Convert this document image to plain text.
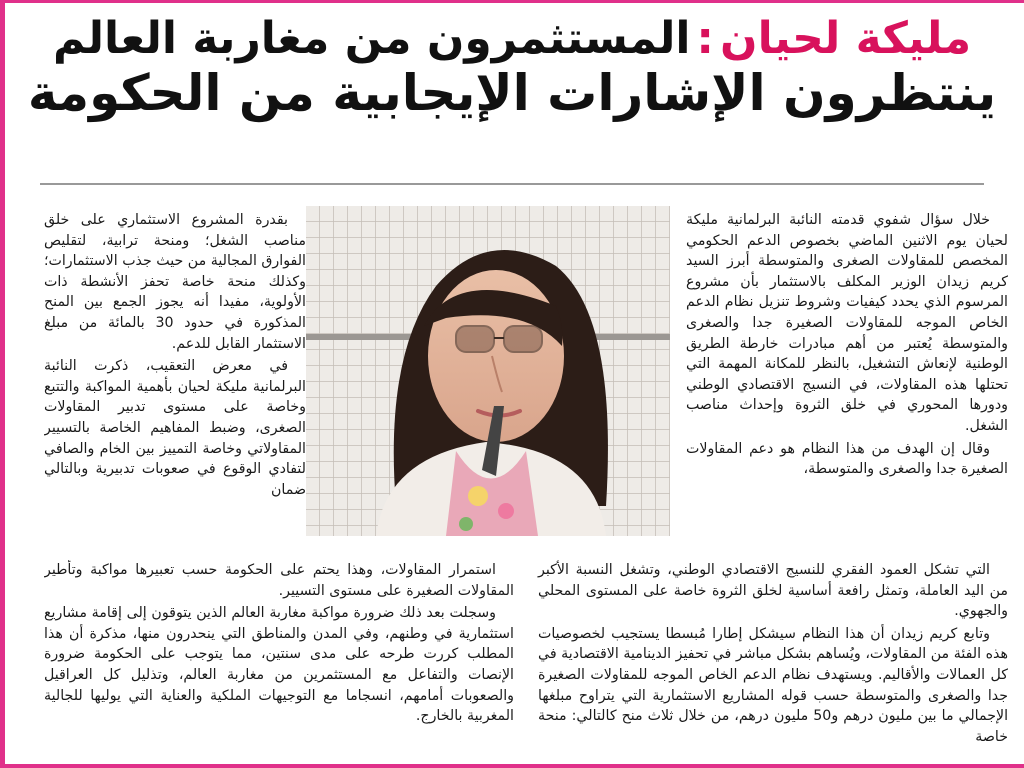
مليكة لحيان:المستثمرون من مغاربة العالم
ينتظرون الإشارات الإيجابية من الحكومة

خلال سؤال شفوي قدمته النائبة البرلمانية مليكة لحيان يوم الاثنين الماضي بخصوص الدعم الحكومي المخصص للمقاولات الصغرى والمتوسطة أبرز السيد كريم زيدان الوزير المكلف بالاستثمار بأن مشروع المرسوم الذي يحدد كيفيات وشروط تنزيل نظام الدعم الخاص الموجه للمقاولات الصغيرة جدا والصغرى والمتوسطة يُعتبر من أهم مبادرات خارطة الطريق الوطنية لإنعاش التشغيل، بالنظر للمكانة المهمة التي تحتلها هذه المقاولات، في النسيج الاقتصادي الوطني ودورها المحوري في خلق الثروة وإحداث مناصب الشغل.

وقال إن الهدف من هذا النظام هو دعم المقاولات الصغيرة جدا والصغرى والمتوسطة،

بقدرة المشروع الاستثماري على خلق مناصب الشغل؛ ومنحة ترابية، لتقليص الفوارق المجالية من حيث جذب الاستثمارات؛ وكذلك منحة خاصة تحفز الأنشطة ذات الأولوية، مفيدا أنه يجوز الجمع بين المنح المذكورة في حدود 30 بالمائة من مبلغ الاستثمار القابل للدعم.

في معرض التعقيب، ذكرت النائبة البرلمانية مليكة لحيان بأهمية المواكبة والتتبع وخاصة على مستوى تدبير المقاولات الصغرى، وضبط المفاهيم الخاصة بالتسيير المقاولاتي وخاصة التمييز بين الخام والصافي لتفادي الوقوع في صعوبات تدبيرية وبالتالي ضمان

التي تشكل العمود الفقري للنسيج الاقتصادي الوطني، وتشغل النسبة الأكبر من اليد العاملة، وتمثل رافعة أساسية لخلق الثروة خاصة على المستوى المحلي والجهوي.

وتابع كريم زيدان أن هذا النظام سيشكل إطارا مُبسطا يستجيب لخصوصيات هذه الفئة من المقاولات، ويُساهم بشكل مباشر في تحفيز الدينامية الاقتصادية في كل العمالات والأقاليم. ويستهدف نظام الدعم الخاص الموجه للمقاولات الصغيرة جدا والصغرى والمتوسطة حسب قوله المشاريع الاستثمارية التي يتراوح مبلغها الإجمالي ما بين مليون درهم و50 مليون درهم، من خلال ثلاث منح كالتالي: منحة خاصة

استمرار المقاولات، وهذا يحتم على الحكومة حسب تعبيرها مواكبة وتأطير المقاولات الصغيرة على مستوى التسيير.

وسجلت بعد ذلك ضرورة مواكبة مغاربة العالم الذين يتوقون إلى إقامة مشاريع استثمارية في وطنهم، وفي المدن والمناطق التي ينحدرون منها، مذكرة أن هذا المطلب كررت طرحه على مدى سنتين، مما يتوجب على الحكومة ضرورة الإنصات والتفاعل مع المستثمرين من مغاربة العالم، وتذليل كل العراقيل والصعوبات أمامهم، انسجاما مع التوجيهات الملكية والعناية التي يوليها للجالية المغربية بالخارج.
